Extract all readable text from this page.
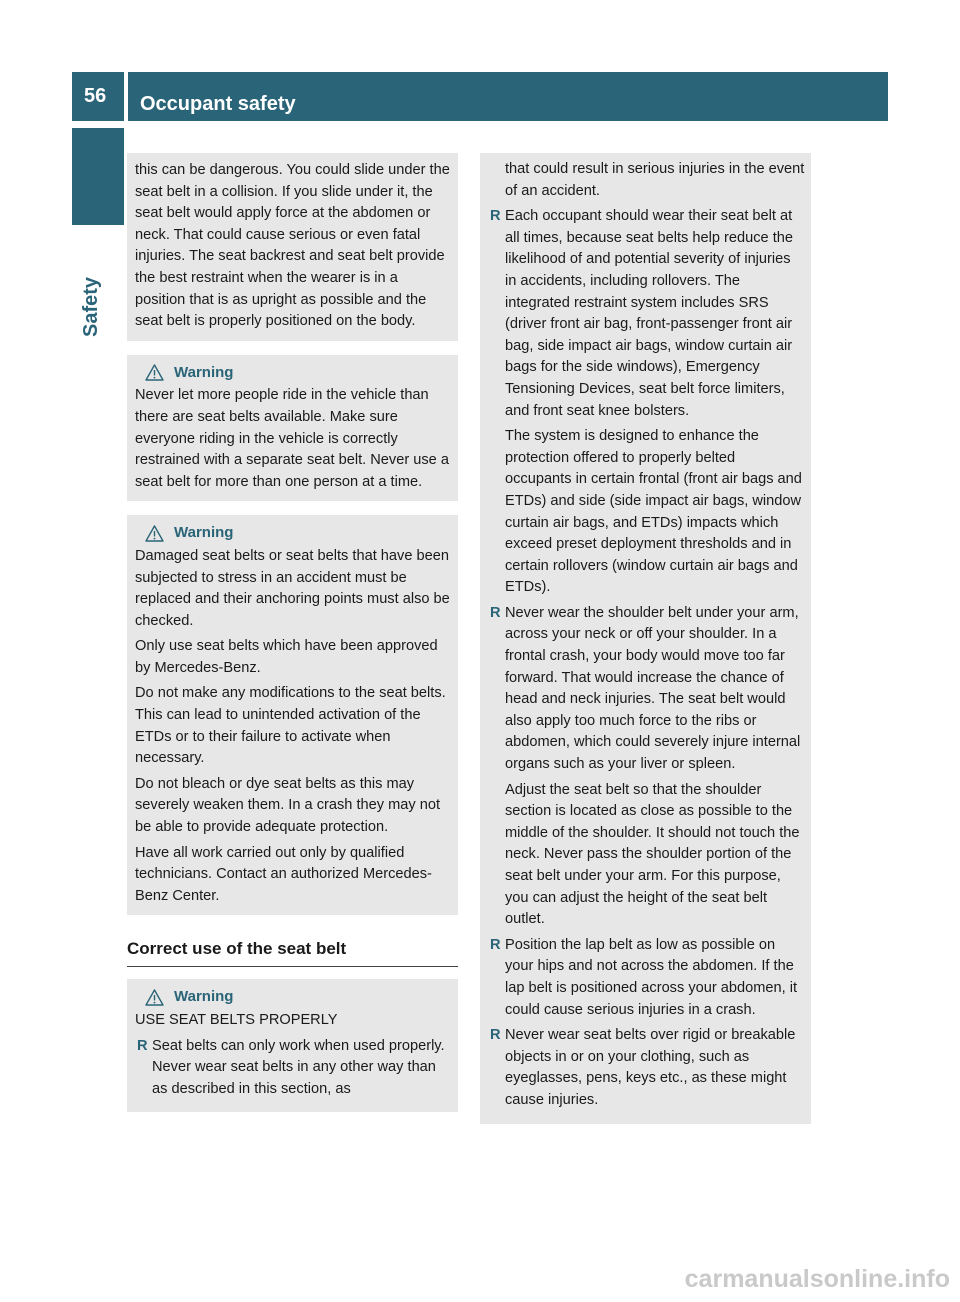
56	Occupant safety
Safety

this can be dangerous. You could slide under the seat belt in a collision. If you slide under it, the seat belt would apply force at the abdomen or neck. That could cause serious or even fatal injuries. The seat backrest and seat belt provide the best restraint when the wearer is in a position that is as upright as possible and the seat belt is properly positioned on the body.

Warning

Never let more people ride in the vehicle than there are seat belts available. Make sure everyone riding in the vehicle is correctly restrained with a separate seat belt. Never use a seat belt for more than one person at a time.

Warning

Damaged seat belts or seat belts that have been subjected to stress in an accident must be replaced and their anchoring points must also be checked.

Only use seat belts which have been approved by Mercedes-Benz.

Do not make any modifications to the seat belts. This can lead to unintended activation of the ETDs or to their failure to activate when necessary.

Do not bleach or dye seat belts as this may severely weaken them. In a crash they may not be able to provide adequate protection.

Have all work carried out only by qualified technicians. Contact an authorized Mercedes-Benz Center.

Correct use of the seat belt
Warning

USE SEAT BELTS PROPERLY

R Seat belts can only work when used properly. Never wear seat belts in any other way than as described in this section, as

that could result in serious injuries in the event of an accident.

R Each occupant should wear their seat belt at all times, because seat belts help reduce the likelihood of and potential severity of injuries in accidents, including rollovers. The integrated restraint system includes SRS (driver front air bag, front-passenger front air bag, side impact air bags, window curtain air bags for the side windows), Emergency Tensioning Devices, seat belt force limiters, and front seat knee bolsters.

The system is designed to enhance the protection offered to properly belted occupants in certain frontal (front air bags and ETDs) and side (side impact air bags, window curtain air bags, and ETDs) impacts which exceed preset deployment thresholds and in certain rollovers (window curtain air bags and ETDs).

R Never wear the shoulder belt under your arm, across your neck or off your shoulder. In a frontal crash, your body would move too far forward. That would increase the chance of head and neck injuries. The seat belt would also apply too much force to the ribs or abdomen, which could severely injure internal organs such as your liver or spleen.

Adjust the seat belt so that the shoulder section is located as close as possible to the middle of the shoulder. It should not touch the neck. Never pass the shoulder portion of the seat belt under your arm. For this purpose, you can adjust the height of the seat belt outlet.

R Position the lap belt as low as possible on your hips and not across the abdomen. If the lap belt is positioned across your abdomen, it could cause serious injuries in a crash.
R Never wear seat belts over rigid or breakable objects in or on your clothing, such as eyeglasses, pens, keys etc., as these might cause injuries.
carmanualsonline.info
